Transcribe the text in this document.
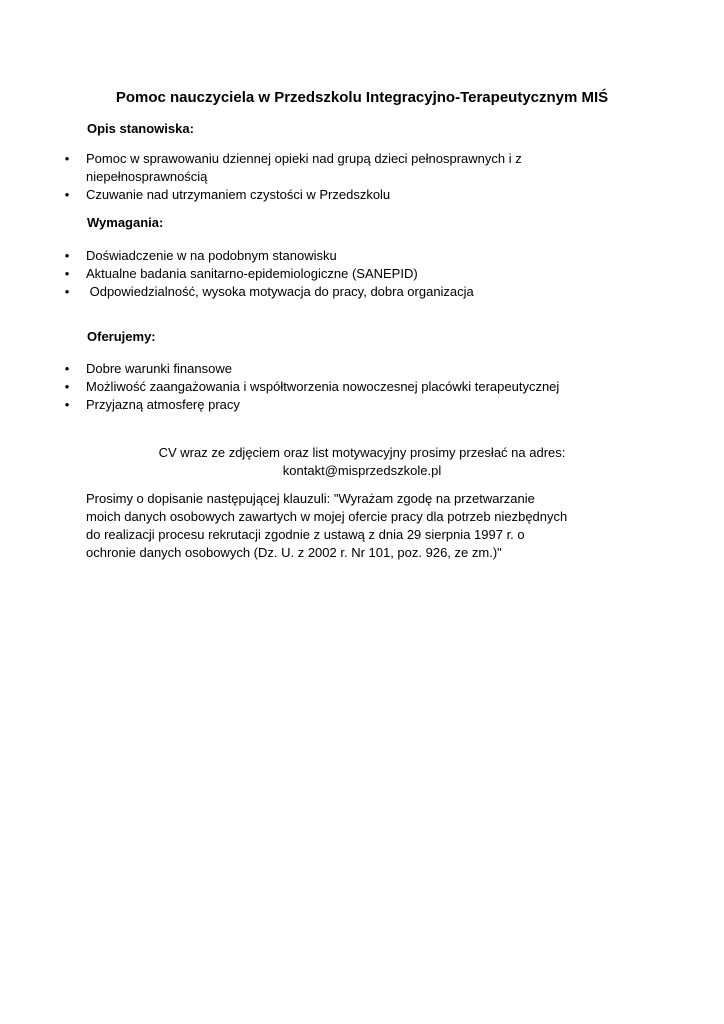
Pomoc nauczyciela w Przedszkolu Integracyjno-Terapeutycznym MIŚ
Opis stanowiska:
• Pomoc w sprawowaniu dziennej opieki nad grupą dzieci pełnosprawnych i z niepełnosprawnością
• Czuwanie nad utrzymaniem czystości w Przedszkolu
Wymagania:
• Doświadczenie w na podobnym stanowisku
• Aktualne badania sanitarno-epidemiologiczne (SANEPID)
• Odpowiedzialność, wysoka motywacja do pracy, dobra organizacja
Oferujemy:
• Dobre warunki finansowe
• Możliwość zaangażowania i współtworzenia nowoczesnej placówki terapeutycznej
• Przyjazną atmosferę pracy
CV wraz ze zdjęciem oraz list motywacyjny prosimy przesłać na adres:
kontakt@misprzedszkole.pl
Prosimy o dopisanie następującej klauzuli: "Wyrażam zgodę na przetwarzanie moich danych osobowych zawartych w mojej ofercie pracy dla potrzeb niezbędnych do realizacji procesu rekrutacji zgodnie z ustawą z dnia 29 sierpnia 1997 r. o ochronie danych osobowych (Dz. U. z 2002 r. Nr 101, poz. 926, ze zm.)"
